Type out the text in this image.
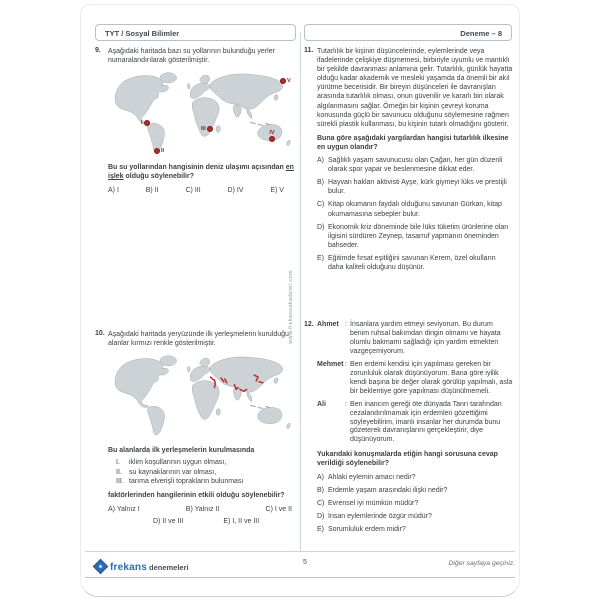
TYT / Sosyal Bilimler	Deneme – 8
9.	Aşağıdaki haritada bazı su yollarının bulunduğu yerler numaralandırılarak gösterilmiştir.
I
II
III
IV
V
Bu su yollarından hangisinin deniz ulaşımı açısından en işlek olduğu söylenebilir?
A) I	B) II	C) III	D) IV	E) V
10. Aşağıdaki haritada yeryüzünde ilk yerleşmelerin kurulduğu alanlar kırmızı renkle gösterilmiştir.
Bu alanlarda ilk yerleşmelerin kurulmasında
I.	iklim koşullarının uygun olması,
II.	su kaynaklarının var olması,
III. tarıma elverişli toprakların bulunması
faktörlerinden hangilerinin etkili olduğu söylenebilir?
A) Yalnız I	B) Yalnız II	C) I ve II
D) II ve III	E) I, II ve III
11. Tutarlılık bir kişinin düşüncelerinde, eylemlerinde veya ifadelerinde çelişkiye düşmemesi, birbiriyle uyumlu ve mantıklı bir şekilde davranması anlamına gelir. Tutarlılık, günlük hayatta olduğu kadar akademik ve mesleki yaşamda da önemli bir akıl yürütme becerisidir. Bir bireyin düşünceleri ile davranışları arasında tutarlılık olması, onun güvenilir ve kararlı biri olarak algılanmasını sağlar. Örneğin bir kişinin çevreyi koruma konusunda güçlü bir savunucu olduğunu söylemesine rağmen sürekli plastik kullanması, bu kişinin tutarlı olmadığını gösterir.
Buna göre aşağıdaki yargılardan hangisi tutarlılık ilkesine en uygun olandır?
A) Sağlıklı yaşam savunucusu olan Çağan, her gün düzenli olarak spor yapar ve beslenmesine dikkat eder.
B) Hayvan hakları aktivisti Ayşe, kürk giymeyi lüks ve prestijli bulur.
C) Kitap okumanın faydalı olduğunu savunan Gürkan, kitap okumamasına sebepler bulur.
D) Ekonomik kriz döneminde bile lüks tüketim ürünlerine olan ilgisini sürdüren Zeynep, tasarruf yapmanın öneminden bahseder.
E) Eğitimde fırsat eşitliğini savunan Kerem, özel okulların daha kaliteli olduğunu düşünür.
12. Ahmet : İnsanlara yardım etmeyi seviyorum. Bu durum benim ruhsal bakımdan dingin olmamı ve hayata olumlu bakmamı sağladığı için yardım etmekten vazgeçemiyorum.
Mehmet : Ben erdemi kendisi için yapılması gereken bir zorunluluk olarak düşünüyorum. Bana göre iyilik kendi başına bir değer olarak görülüp yapılmalı, asla bir beklentiye göre yapılması düşünülmemeli.
Ali	: Ben inancım gereği öte dünyada Tanrı tarafından cezalandırılmamak için erdemleri gözettiğimi söyleyebilirim, imanlı insanlar her durumda bunu gözeterek davranışlarını gerçekleştirir, diye düşünüyorum.
Yukarıdaki konuşmalarda etiğin hangi sorusuna cevap verildiği söylenebilir?
A) Ahlaki eylemin amacı nedir?
B) Erdemle yaşam arasındaki ilişki nedir?
C) Evrensel iyi mümkün müdür?
D) İnsan eylemlerinde özgür müdür?
E) Sorumluluk erdem midir?
www.frekansakademi.com
frekans denemeleri
5	Diğer sayfaya geçiniz.
